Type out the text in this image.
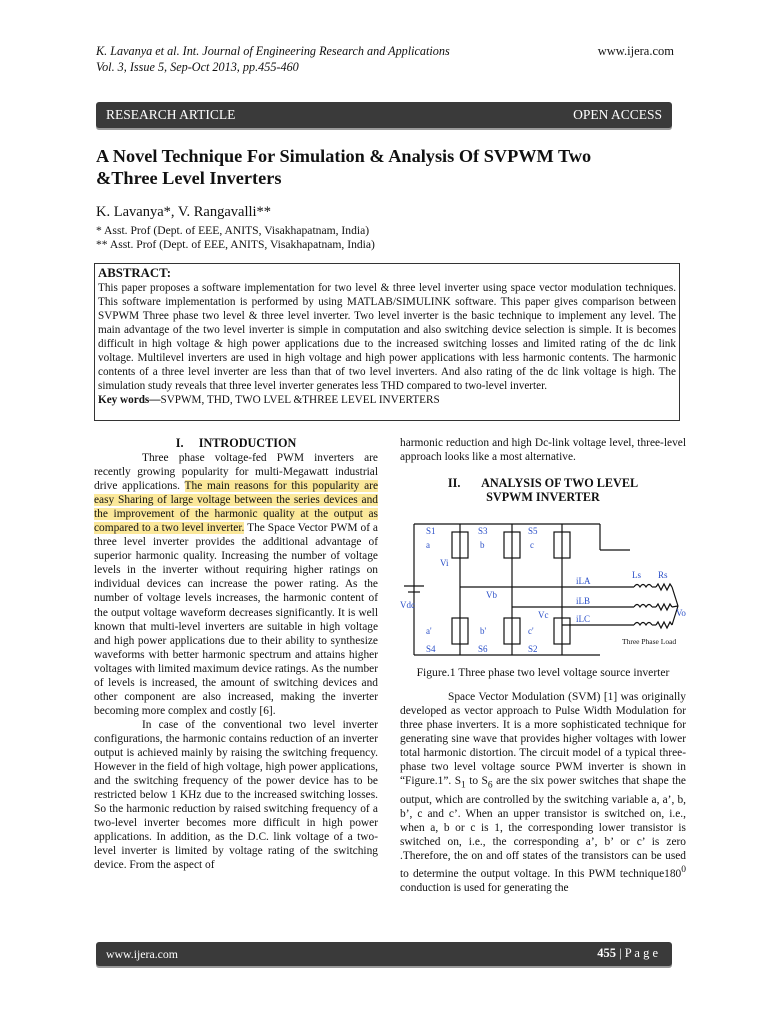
K. Lavanya et al. Int. Journal of Engineering Research and Applications
Vol. 3, Issue 5, Sep-Oct 2013, pp.455-460
www.ijera.com
RESEARCH ARTICLE	OPEN ACCESS
A Novel Technique For Simulation & Analysis Of SVPWM Two
&Three Level Inverters
K. Lavanya*, V. Rangavalli**
* Asst. Prof (Dept. of EEE, ANITS, Visakhapatnam, India)
** Asst. Prof (Dept. of EEE, ANITS, Visakhapatnam, India)
ABSTRACT:
This paper proposes a software implementation for two level & three level inverter using space vector modulation techniques. This software implementation is performed by using MATLAB/SIMULINK software. This paper gives comparison between SVPWM Three phase two level & three level inverter. Two level inverter is the basic technique to implement any level. The main advantage of the two level inverter is simple in computation and also switching device selection is simple. It is becomes difficult in high voltage & high power applications due to the increased switching losses and limited rating of the dc link voltage. Multilevel inverters are used in high voltage and high power applications with less harmonic contents. The harmonic contents of a three level inverter are less than that of two level inverters. And also rating of the dc link voltage is high. The simulation study reveals that three level inverter generates less THD compared to two-level inverter.
Key words—SVPWM, THD, TWO LVEL &THREE LEVEL INVERTERS
I.     INTRODUCTION

Three phase voltage-fed PWM inverters are recently growing popularity for multi-Megawatt industrial drive applications. The main reasons for this popularity are easy Sharing of large voltage between the series devices and the improvement of the harmonic quality at the output as compared to a two level inverter. The Space Vector PWM of a three level inverter provides the additional advantage of superior harmonic quality. Increasing the number of voltage levels in the inverter without requiring higher ratings on individual devices can increase the power rating. As the number of voltage levels increases, the harmonic content of the output voltage waveform decreases significantly. It is well known that multi-level inverters are suitable in high voltage and high power applications due to their ability to synthesize waveforms with better harmonic spectrum and attains higher voltages with limited maximum device ratings. As the number of levels is increased, the amount of switching devices and other component are also increased, making the inverter becoming more complex and costly [6].

In case of the conventional two level inverter configurations, the harmonic contains reduction of an inverter output is achieved mainly by raising the switching frequency. However in the field of high voltage, high power applications, and the switching frequency of the power device has to be restricted below 1 KHz due to the increased switching losses. So the harmonic reduction by raised switching frequency of a two-level inverter becomes more difficult in high power applications. In addition, as the D.C. link voltage of a two-level inverter is limited by voltage rating of the switching device. From the aspect of

harmonic reduction and high Dc-link voltage level, three-level approach looks like a most alternative.

II.       ANALYSIS OF TWO LEVEL
SVPWM INVERTER
S1	S3	S5
S4	S6	S2
a	b	c
a'	b'	c'
Vdc
Vi
Vb
Vc
iLA
iLB
iLC
Ls Rs
Vo
Three Phase Load
Figure.1 Three phase two level voltage source inverter

Space Vector Modulation (SVM) [1] was originally developed as vector approach to Pulse Width Modulation for three phase inverters. It is a more sophisticated technique for generating sine wave that provides higher voltages with lower total harmonic distortion. The circuit model of a typical three-phase two level voltage source PWM inverter is shown in “Figure.1”. $S_1$ to $S_6$ are the six power switches that shape the output, which are controlled by the switching variable a, a’, b, b’, c and c’. When an upper transistor is switched on, i.e., when a, b or c is 1, the corresponding lower transistor is switched on, i.e., the corresponding a’, b’ or c’ is zero .Therefore, the on and off states of the transistors can be used to determine the output voltage. In this PWM $technique180^0$ conduction is used for generating the

www.ijera.com	455 | P a g e
